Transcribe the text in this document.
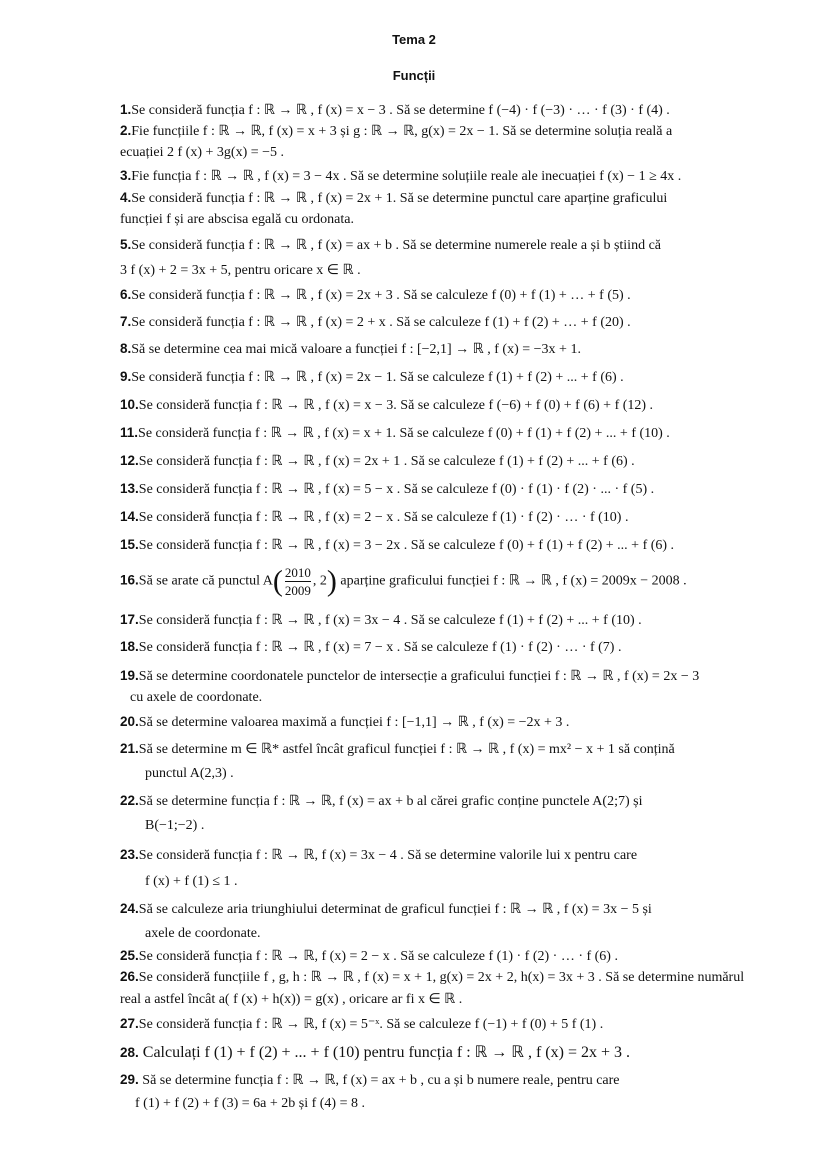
Tema 2
Funcții
1.Se consideră funcția f : ℝ → ℝ , f (x) = x − 3 . Să se determine f (−4) · f (−3) · … · f (3) · f (4) .
2.Fie funcțiile f : ℝ → ℝ, f (x) = x + 3 și g : ℝ → ℝ, g(x) = 2x − 1. Să se determine soluția reală a
ecuației 2 f (x) + 3g(x) = −5 .
3.Fie funcția f : ℝ → ℝ , f (x) = 3 − 4x . Să se determine soluțiile reale ale inecuației f (x) − 1 ≥ 4x .
4.Se consideră funcția f : ℝ → ℝ , f (x) = 2x + 1. Să se determine punctul care aparține graficului
funcției f și are abscisa egală cu ordonata.
5.Se consideră funcția f : ℝ → ℝ , f (x) = ax + b . Să se determine numerele reale a și b știind că
3 f (x) + 2 = 3x + 5, pentru oricare x ∈ ℝ .
6.Se consideră funcția f : ℝ → ℝ , f (x) = 2x + 3 . Să se calculeze f (0) + f (1) + … + f (5) .
7.Se consideră funcția f : ℝ → ℝ , f (x) = 2 + x . Să se calculeze f (1) + f (2) + … + f (20) .
8.Să se determine cea mai mică valoare a funcției f : [−2,1] → ℝ , f (x) = −3x + 1.
9.Se consideră funcția f : ℝ → ℝ , f (x) = 2x − 1. Să se calculeze f (1) + f (2) + ... + f (6) .
10.Se consideră funcția f : ℝ → ℝ , f (x) = x − 3. Să se calculeze f (−6) + f (0) + f (6) + f (12) .
11.Se consideră funcția f : ℝ → ℝ , f (x) = x + 1. Să se calculeze f (0) + f (1) + f (2) + ... + f (10) .
12.Se consideră funcția f : ℝ → ℝ , f (x) = 2x + 1 . Să se calculeze f (1) + f (2) + ... + f (6) .
13.Se consideră funcția f : ℝ → ℝ , f (x) = 5 − x . Să se calculeze f (0) · f (1) · f (2) · ... · f (5) .
14.Se consideră funcția f : ℝ → ℝ , f (x) = 2 − x . Să se calculeze f (1) · f (2) · … · f (10) .
15.Se consideră funcția f : ℝ → ℝ , f (x) = 3 − 2x . Să se calculeze f (0) + f (1) + f (2) + ... + f (6) .
16.Să se arate că punctul $A( \frac{2010}{2009}$ , 2) aparține graficului funcției f : ℝ → ℝ , f (x) = 2009x − 2008 .
17.Se consideră funcția f : ℝ → ℝ , f (x) = 3x − 4 . Să se calculeze f (1) + f (2) + ... + f (10) .
18.Se consideră funcția f : ℝ → ℝ , f (x) = 7 − x . Să se calculeze f (1) · f (2) · … · f (7) .
19.Să se determine coordonatele punctelor de intersecție a graficului funcției f : ℝ → ℝ , f (x) = 2x − 3
cu axele de coordonate.
20.Să se determine valoarea maximă a funcției f : [−1,1] → ℝ , f (x) = −2x + 3 .
21.Să se determine m ∈ ℝ* astfel încât graficul funcției f : ℝ → ℝ , f (x) = mx² − x + 1 să conțină
punctul A(2,3) .
22.Să se determine funcția f : ℝ → ℝ, f (x) = ax + b al cărei grafic conține punctele A(2;7) și
B(−1;−2) .
23.Se consideră funcția f : ℝ → ℝ, f (x) = 3x − 4 . Să se determine valorile lui x pentru care
f (x) + f (1) ≤ 1 .
24.Să se calculeze aria triunghiului determinat de graficul funcției f : ℝ → ℝ , f (x) = 3x − 5 și
axele de coordonate.
25.Se consideră funcția f : ℝ → ℝ, f (x) = 2 − x . Să se calculeze f (1) · f (2) · … · f (6) .
26.Se consideră funcțiile f , g, h : ℝ → ℝ , f (x) = x + 1, g(x) = 2x + 2, h(x) = 3x + 3 . Să se determine numărul
real a astfel încât a( f (x) + h(x)) = g(x) , oricare ar fi x ∈ ℝ .
27.Se consideră funcția f : ℝ → ℝ, f (x) = 5⁻ˣ. Să se calculeze f (−1) + f (0) + 5 f (1) .
28. Calculați f (1) + f (2) + ... + f (10) pentru funcția f : ℝ → ℝ , f (x) = 2x + 3 .
29. Să se determine funcția f : ℝ → ℝ, f (x) = ax + b , cu a și b numere reale, pentru care
f (1) + f (2) + f (3) = 6a + 2b și f (4) = 8 .
